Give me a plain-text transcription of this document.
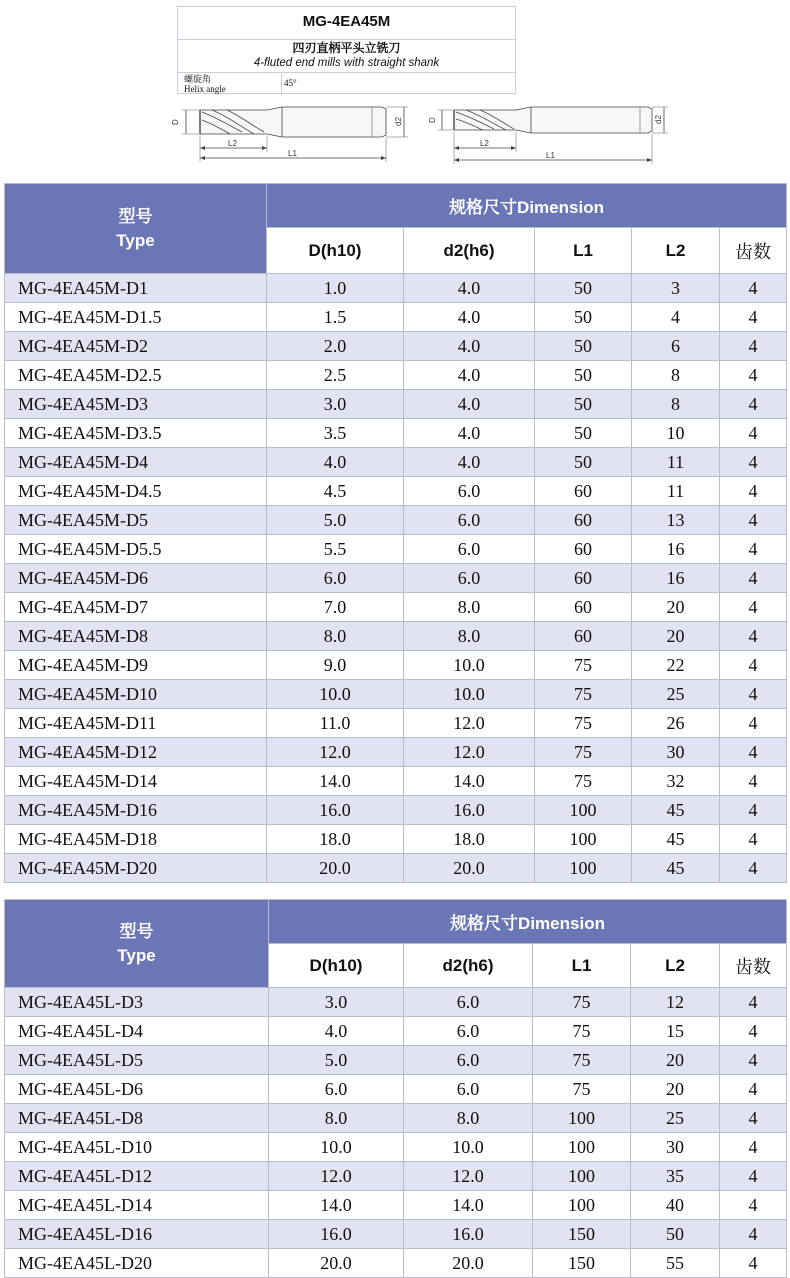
MG-4EA45M
四刃直柄平头立铣刀
4-fluted end mills with straight shank
螺旋角
Helix angle
45°
D	d2
L2
L1
D	d2
L2
L1
型号
Type	规格尺寸Dimension				
	D(h10)	d2(h6)	L1	L2	齿数
MG-4EA45M-D1	1.0	4.0	50	3	4
MG-4EA45M-D1.5	1.5	4.0	50	4	4
MG-4EA45M-D2	2.0	4.0	50	6	4
MG-4EA45M-D2.5	2.5	4.0	50	8	4
MG-4EA45M-D3	3.0	4.0	50	8	4
MG-4EA45M-D3.5	3.5	4.0	50	10	4
MG-4EA45M-D4	4.0	4.0	50	11	4
MG-4EA45M-D4.5	4.5	6.0	60	11	4
MG-4EA45M-D5	5.0	6.0	60	13	4
MG-4EA45M-D5.5	5.5	6.0	60	16	4
MG-4EA45M-D6	6.0	6.0	60	16	4
MG-4EA45M-D7	7.0	8.0	60	20	4
MG-4EA45M-D8	8.0	8.0	60	20	4
MG-4EA45M-D9	9.0	10.0	75	22	4
MG-4EA45M-D10	10.0	10.0	75	25	4
MG-4EA45M-D11	11.0	12.0	75	26	4
MG-4EA45M-D12	12.0	12.0	75	30	4
MG-4EA45M-D14	14.0	14.0	75	32	4
MG-4EA45M-D16	16.0	16.0	100	45	4
MG-4EA45M-D18	18.0	18.0	100	45	4
MG-4EA45M-D20	20.0	20.0	100	45	4
型号
Type	规格尺寸Dimension				
	D(h10)	d2(h6)	L1	L2	齿数
MG-4EA45L-D3	3.0	6.0	75	12	4
MG-4EA45L-D4	4.0	6.0	75	15	4
MG-4EA45L-D5	5.0	6.0	75	20	4
MG-4EA45L-D6	6.0	6.0	75	20	4
MG-4EA45L-D8	8.0	8.0	100	25	4
MG-4EA45L-D10	10.0	10.0	100	30	4
MG-4EA45L-D12	12.0	12.0	100	35	4
MG-4EA45L-D14	14.0	14.0	100	40	4
MG-4EA45L-D16	16.0	16.0	150	50	4
MG-4EA45L-D20	20.0	20.0	150	55	4
